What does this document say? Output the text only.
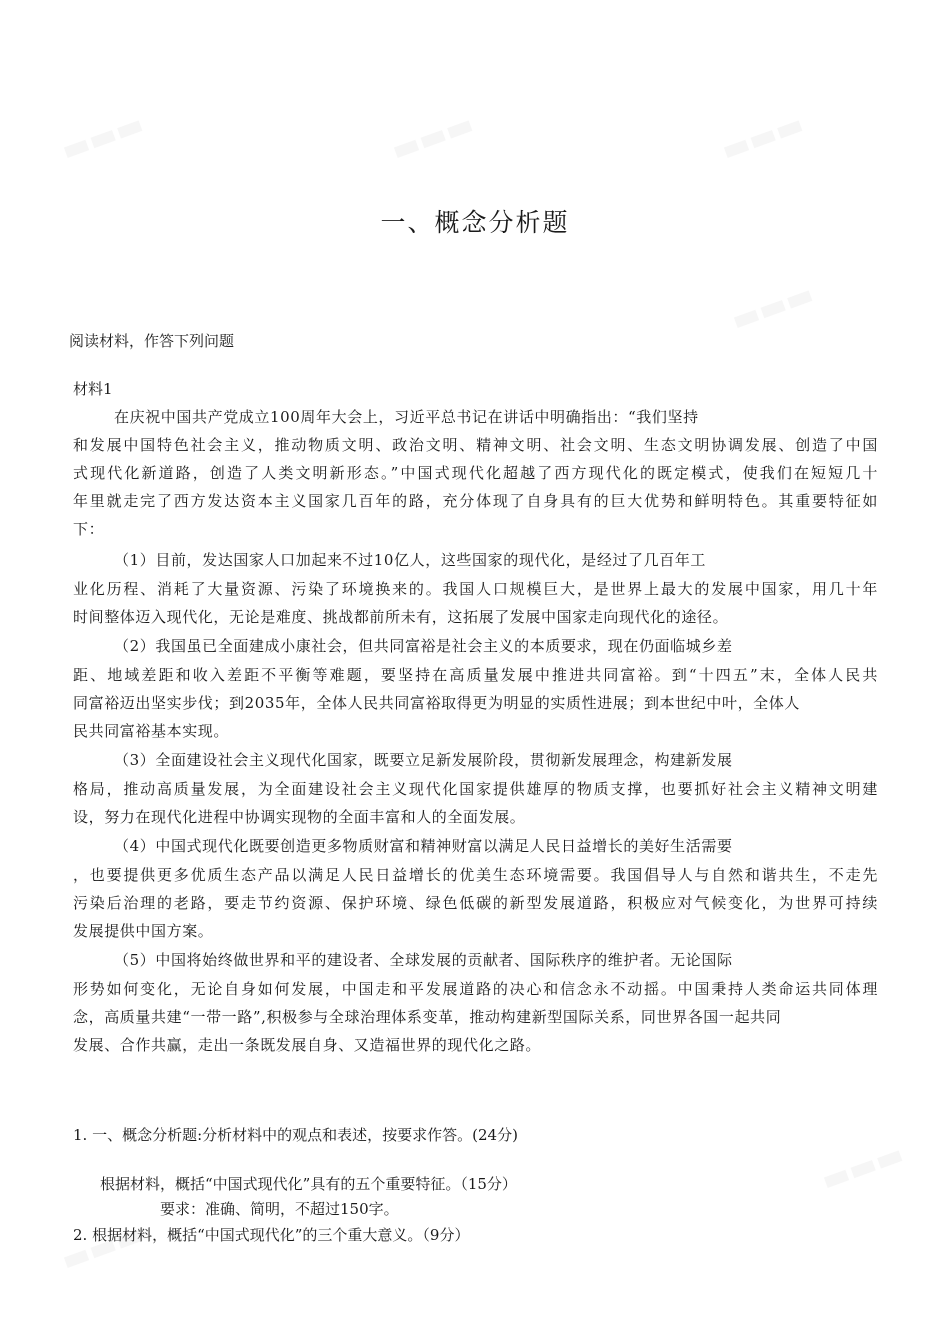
一、概念分析题
阅读材料，作答下列问题
材料1
在庆祝中国共产党成立100周年大会上，习近平总书记在讲话中明确指出：“我们坚持
和发展中国特色社会主义，推动物质文明、政治文明、精神文明、社会文明、生态文明协调发展、创造了中国
式现代化新道路，创造了人类文明新形态。”中国式现代化超越了西方现代化的既定模式，使我们在短短几十
年里就走完了西方发达资本主义国家几百年的路，充分体现了自身具有的巨大优势和鲜明特色。其重要特征如
下：
（1）目前，发达国家人口加起来不过10亿人，这些国家的现代化，是经过了几百年工
业化历程、消耗了大量资源、污染了环境换来的。我国人口规模巨大，是世界上最大的发展中国家，用几十年
时间整体迈入现代化，无论是难度、挑战都前所未有，这拓展了发展中国家走向现代化的途径。
（2）我国虽已全面建成小康社会，但共同富裕是社会主义的本质要求，现在仍面临城乡差
距、地域差距和收入差距不平衡等难题，要坚持在高质量发展中推进共同富裕。到“十四五”末，全体人民共
同富裕迈出坚实步伐；到2035年，全体人民共同富裕取得更为明显的实质性进展；到本世纪中叶，全体人
民共同富裕基本实现。
（3）全面建设社会主义现代化国家，既要立足新发展阶段，贯彻新发展理念，构建新发展
格局，推动高质量发展，为全面建设社会主义现代化国家提供雄厚的物质支撑，也要抓好社会主义精神文明建
设，努力在现代化进程中协调实现物的全面丰富和人的全面发展。
（4）中国式现代化既要创造更多物质财富和精神财富以满足人民日益增长的美好生活需要
，也要提供更多优质生态产品以满足人民日益增长的优美生态环境需要。我国倡导人与自然和谐共生，不走先
污染后治理的老路，要走节约资源、保护环境、绿色低碳的新型发展道路，积极应对气候变化，为世界可持续
发展提供中国方案。
（5）中国将始终做世界和平的建设者、全球发展的贡献者、国际秩序的维护者。无论国际
形势如何变化，无论自身如何发展，中国走和平发展道路的决心和信念永不动摇。中国秉持人类命运共同体理
念，高质量共建“一带一路”,积极参与全球治理体系变革，推动构建新型国际关系，同世界各国一起共同
发展、合作共赢，走出一条既发展自身、又造福世界的现代化之路。
1. 一、概念分析题:分析材料中的观点和表述，按要求作答。(24分)
根据材料，概括“中国式现代化”具有的五个重要特征。（15分）
要求：准确、简明，不超过150字。
2. 根据材料，概括“中国式现代化”的三个重大意义。（9分）
